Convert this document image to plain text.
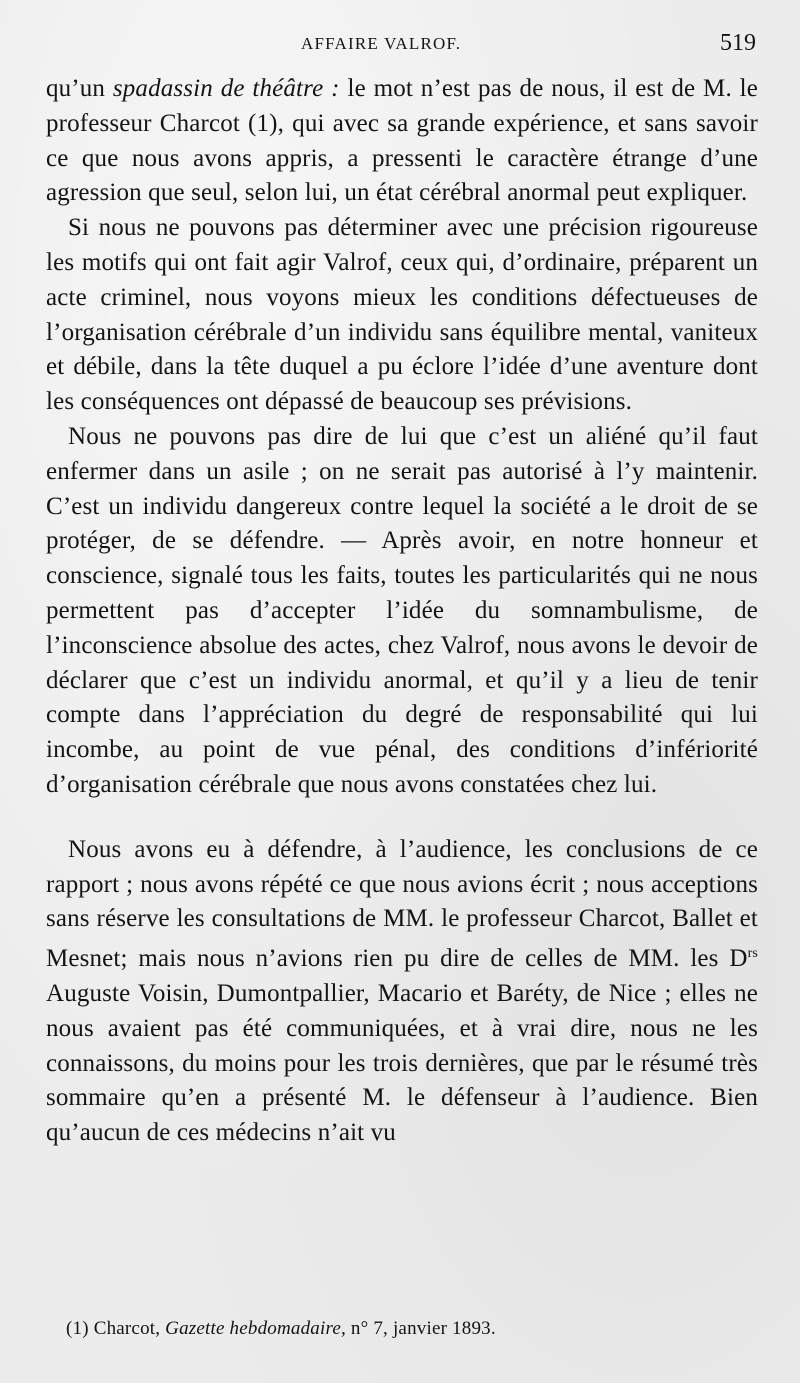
AFFAIRE VALROF.	519

qu’un spadassin de théâtre : le mot n’est pas de nous, il est de M. le professeur Charcot (1), qui avec sa grande expérience, et sans savoir ce que nous avons appris, a pressenti le caractère étrange d’une agression que seul, selon lui, un état cérébral anormal peut expliquer.

Si nous ne pouvons pas déterminer avec une précision rigoureuse les motifs qui ont fait agir Valrof, ceux qui, d’ordinaire, préparent un acte criminel, nous voyons mieux les conditions défectueuses de l’organisation cérébrale d’un individu sans équilibre mental, vaniteux et débile, dans la tête duquel a pu éclore l’idée d’une aventure dont les conséquences ont dépassé de beaucoup ses prévisions.

Nous ne pouvons pas dire de lui que c’est un aliéné qu’il faut enfermer dans un asile ; on ne serait pas autorisé à l’y maintenir. C’est un individu dangereux contre lequel la société a le droit de se protéger, de se défendre. — Après avoir, en notre honneur et conscience, signalé tous les faits, toutes les particularités qui ne nous permettent pas d’accepter l’idée du somnambulisme, de l’inconscience absolue des actes, chez Valrof, nous avons le devoir de déclarer que c’est un individu anormal, et qu’il y a lieu de tenir compte dans l’appréciation du degré de responsabilité qui lui incombe, au point de vue pénal, des conditions d’infériorité d’organisation cérébrale que nous avons constatées chez lui.

Nous avons eu à défendre, à l’audience, les conclusions de ce rapport ; nous avons répété ce que nous avions écrit ; nous acceptions sans réserve les consultations de MM. le professeur Charcot, Ballet et Mesnet; mais nous n’avions rien pu dire de celles de MM. les $D^{rs}$ Auguste Voisin, Dumontpallier, Macario et Baréty, de Nice ; elles ne nous avaient pas été communiquées, et à vrai dire, nous ne les connaissons, du moins pour les trois dernières, que par le résumé très sommaire qu’en a présenté M. le défenseur à l’audience. Bien qu’aucun de ces médecins n’ait vu

(1) Charcot, Gazette hebdomadaire, n° 7, janvier 1893.
